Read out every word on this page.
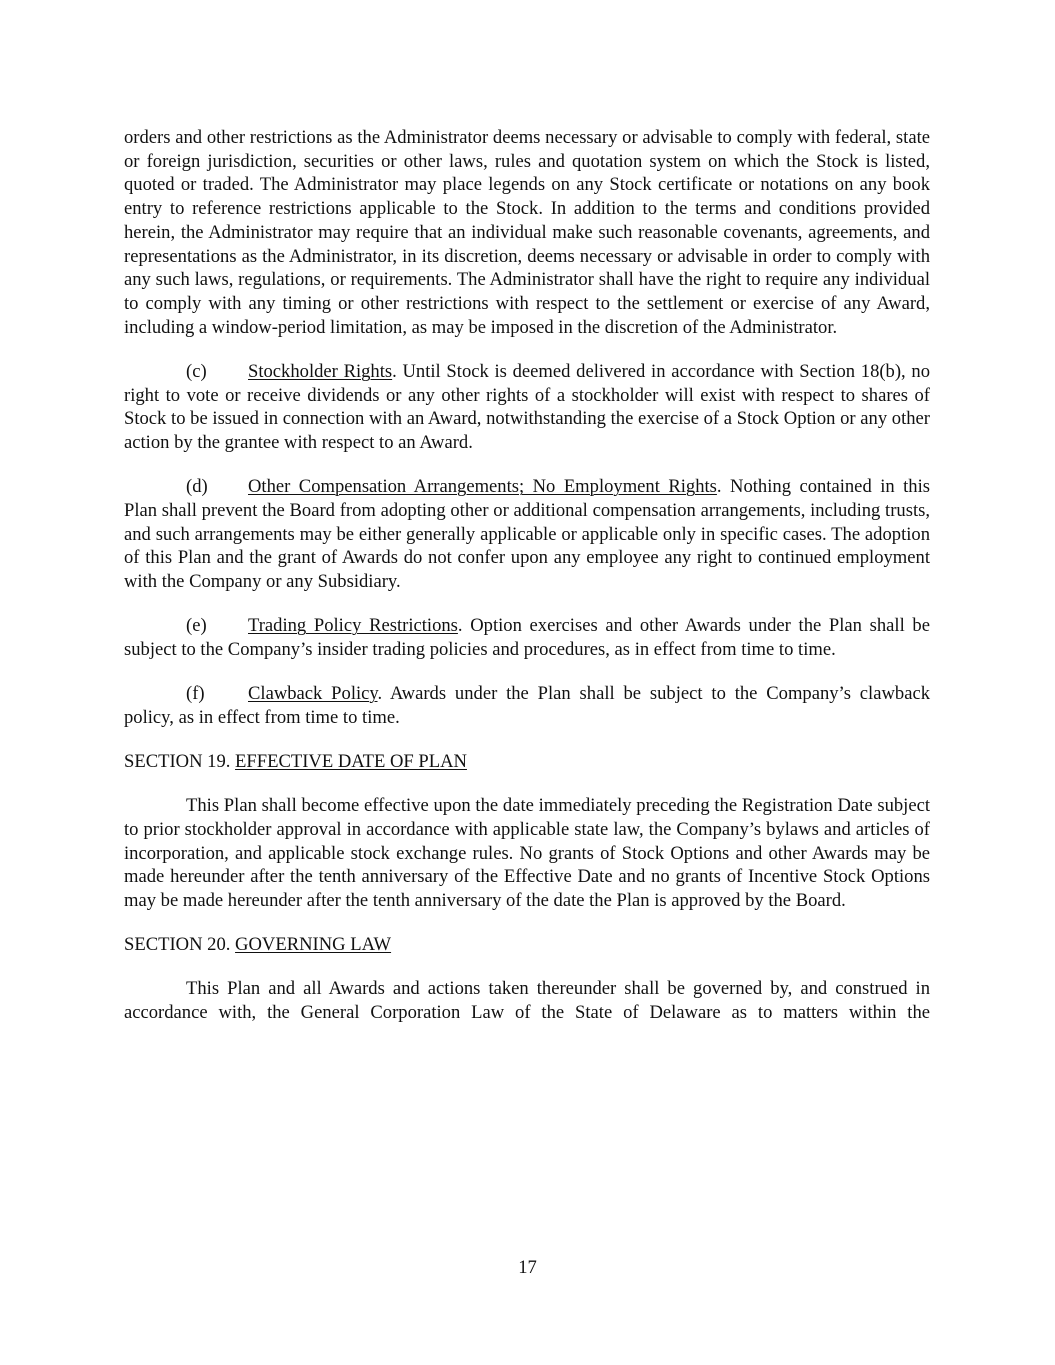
orders and other restrictions as the Administrator deems necessary or advisable to comply with federal, state or foreign jurisdiction, securities or other laws, rules and quotation system on which the Stock is listed, quoted or traded. The Administrator may place legends on any Stock certificate or notations on any book entry to reference restrictions applicable to the Stock. In addition to the terms and conditions provided herein, the Administrator may require that an individual make such reasonable covenants, agreements, and representations as the Administrator, in its discretion, deems necessary or advisable in order to comply with any such laws, regulations, or requirements. The Administrator shall have the right to require any individual to comply with any timing or other restrictions with respect to the settlement or exercise of any Award, including a window-period limitation, as may be imposed in the discretion of the Administrator.

(c) Stockholder Rights. Until Stock is deemed delivered in accordance with Section 18(b), no right to vote or receive dividends or any other rights of a stockholder will exist with respect to shares of Stock to be issued in connection with an Award, notwithstanding the exercise of a Stock Option or any other action by the grantee with respect to an Award.

(d) Other Compensation Arrangements; No Employment Rights. Nothing contained in this Plan shall prevent the Board from adopting other or additional compensation arrangements, including trusts, and such arrangements may be either generally applicable or applicable only in specific cases. The adoption of this Plan and the grant of Awards do not confer upon any employee any right to continued employment with the Company or any Subsidiary.

(e) Trading Policy Restrictions. Option exercises and other Awards under the Plan shall be subject to the Company’s insider trading policies and procedures, as in effect from time to time.

(f) Clawback Policy. Awards under the Plan shall be subject to the Company’s clawback policy, as in effect from time to time.

SECTION 19. EFFECTIVE DATE OF PLAN

This Plan shall become effective upon the date immediately preceding the Registration Date subject to prior stockholder approval in accordance with applicable state law, the Company’s bylaws and articles of incorporation, and applicable stock exchange rules. No grants of Stock Options and other Awards may be made hereunder after the tenth anniversary of the Effective Date and no grants of Incentive Stock Options may be made hereunder after the tenth anniversary of the date the Plan is approved by the Board.

SECTION 20. GOVERNING LAW

This Plan and all Awards and actions taken thereunder shall be governed by, and construed in accordance with, the General Corporation Law of the State of Delaware as to matters within the

17
